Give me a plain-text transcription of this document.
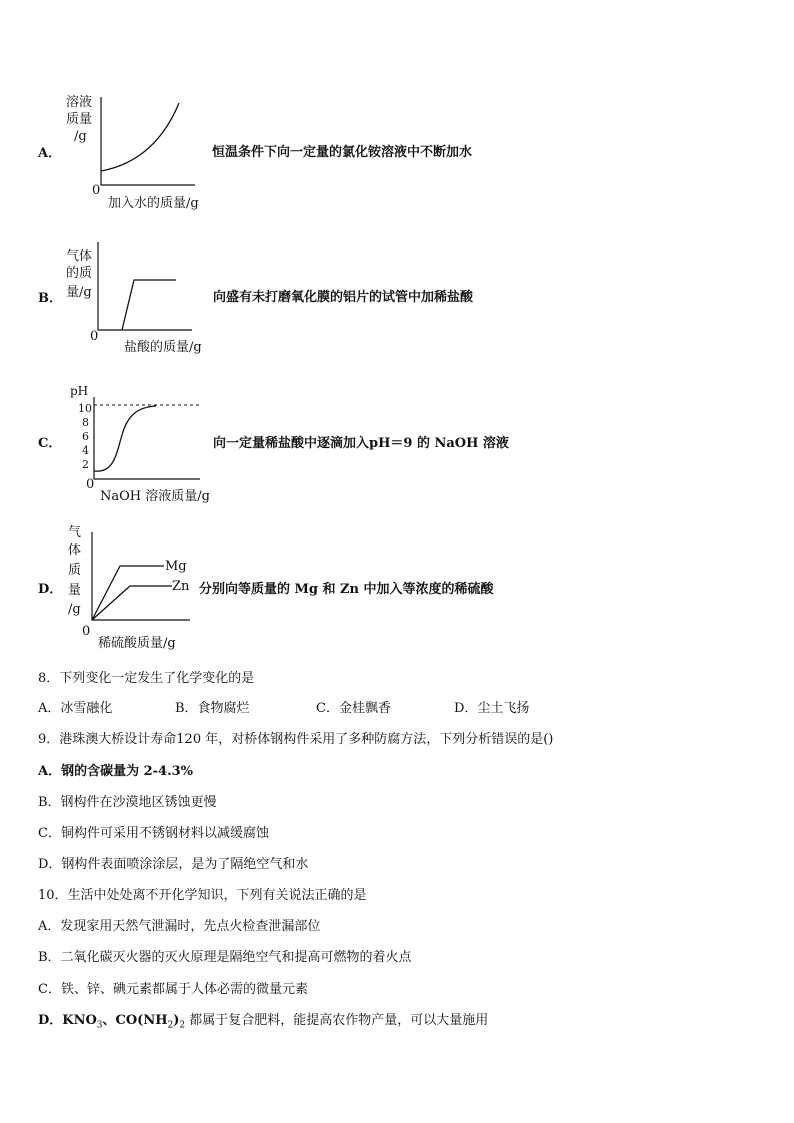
A．
溶液
质量
/g
0
加入水的质量/g
恒温条件下向一定量的氯化铵溶液中不断加水
B．
气体
的质
量/g
0
盐酸的质量/g
向盛有未打磨氧化膜的铝片的试管中加稀盐酸
C．
pH
10
8
6
4
2
0
NaOH 溶液质量/g
向一定量稀盐酸中逐滴加入pH＝9 的 NaOH 溶液
D．
气
体
质
量
/g
Mg
Zn
0
稀硫酸质量/g
分别向等质量的 Mg 和 Zn 中加入等浓度的稀硫酸
8．下列变化一定发生了化学变化的是
A．冰雪融化	B．食物腐烂	C．金桂飘香	D．尘土飞扬
9．港珠澳大桥设计寿命120 年，对桥体钢构件采用了多种防腐方法，下列分析错误的是()
A．钢的含碳量为 2-4.3%
B．钢构件在沙漠地区锈蚀更慢
C．铜构件可采用不锈钢材料以减缓腐蚀
D．钢构件表面喷涂涂层，是为了隔绝空气和水
10．生活中处处离不开化学知识，下列有关说法正确的是
A．发现家用天然气泄漏时，先点火检查泄漏部位
B．二氧化碳灭火器的灭火原理是隔绝空气和提高可燃物的着火点
C．铁、锌、碘元素都属于人体必需的微量元素
D．$KNO_3$、$CO(NH_2)_2$ 都属于复合肥料，能提高农作物产量，可以大量施用
